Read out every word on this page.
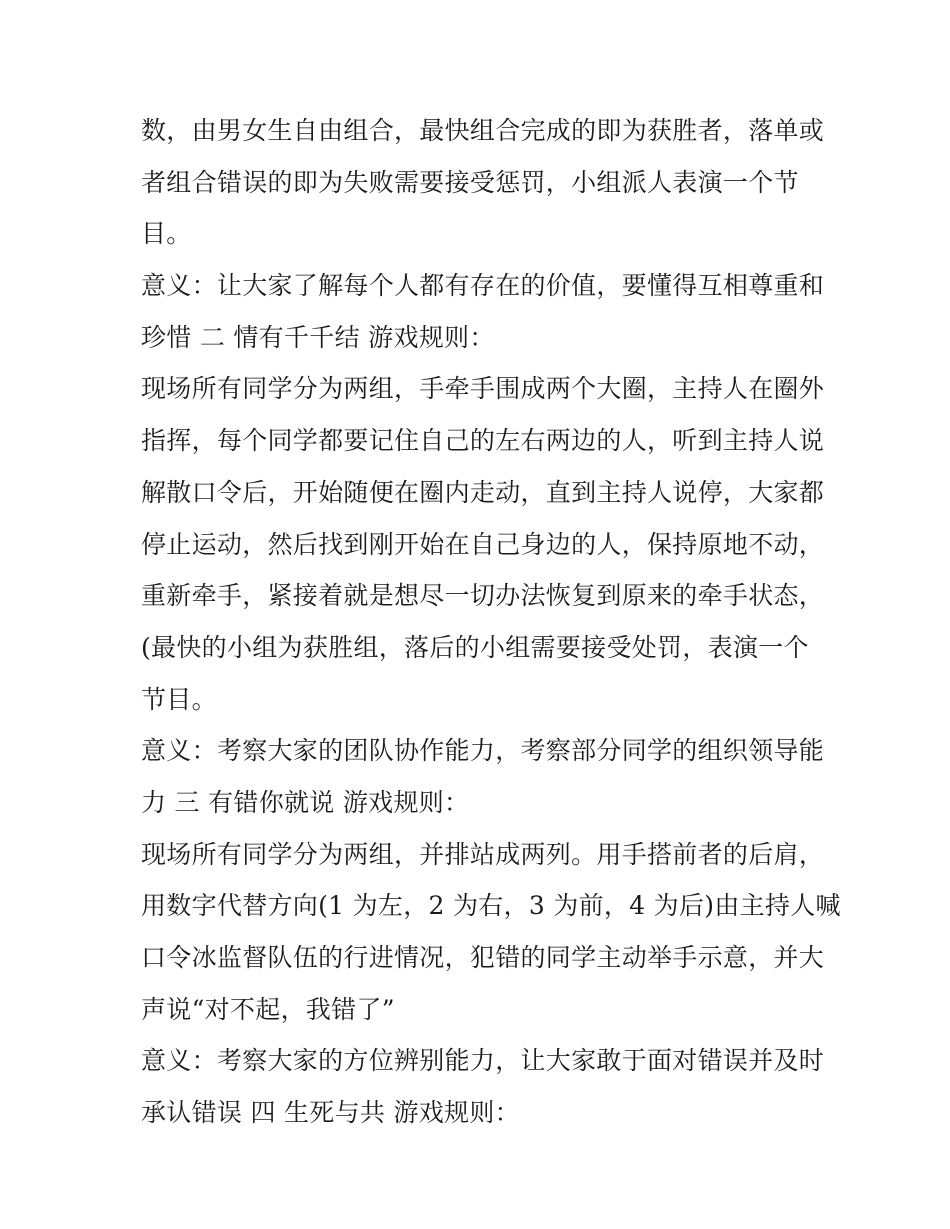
数，由男女生自由组合，最快组合完成的即为获胜者，落单或
者组合错误的即为失败需要接受惩罚，小组派人表演一个节
目。
意义：让大家了解每个人都有存在的价值，要懂得互相尊重和
珍惜 二 情有千千结 游戏规则：
现场所有同学分为两组，手牵手围成两个大圈，主持人在圈外
指挥，每个同学都要记住自己的左右两边的人，听到主持人说
解散口令后，开始随便在圈内走动，直到主持人说停，大家都
停止运动，然后找到刚开始在自己身边的人，保持原地不动，
重新牵手，紧接着就是想尽一切办法恢复到原来的牵手状态，
(最快的小组为获胜组，落后的小组需要接受处罚，表演一个
节目。
意义：考察大家的团队协作能力，考察部分同学的组织领导能
力 三 有错你就说 游戏规则：
现场所有同学分为两组，并排站成两列。用手搭前者的后肩，
用数字代替方向(1 为左，2 为右，3 为前，4 为后)由主持人喊
口令冰监督队伍的行进情况，犯错的同学主动举手示意，并大
声说“对不起，我错了”
意义：考察大家的方位辨别能力，让大家敢于面对错误并及时
承认错误 四 生死与共 游戏规则：
